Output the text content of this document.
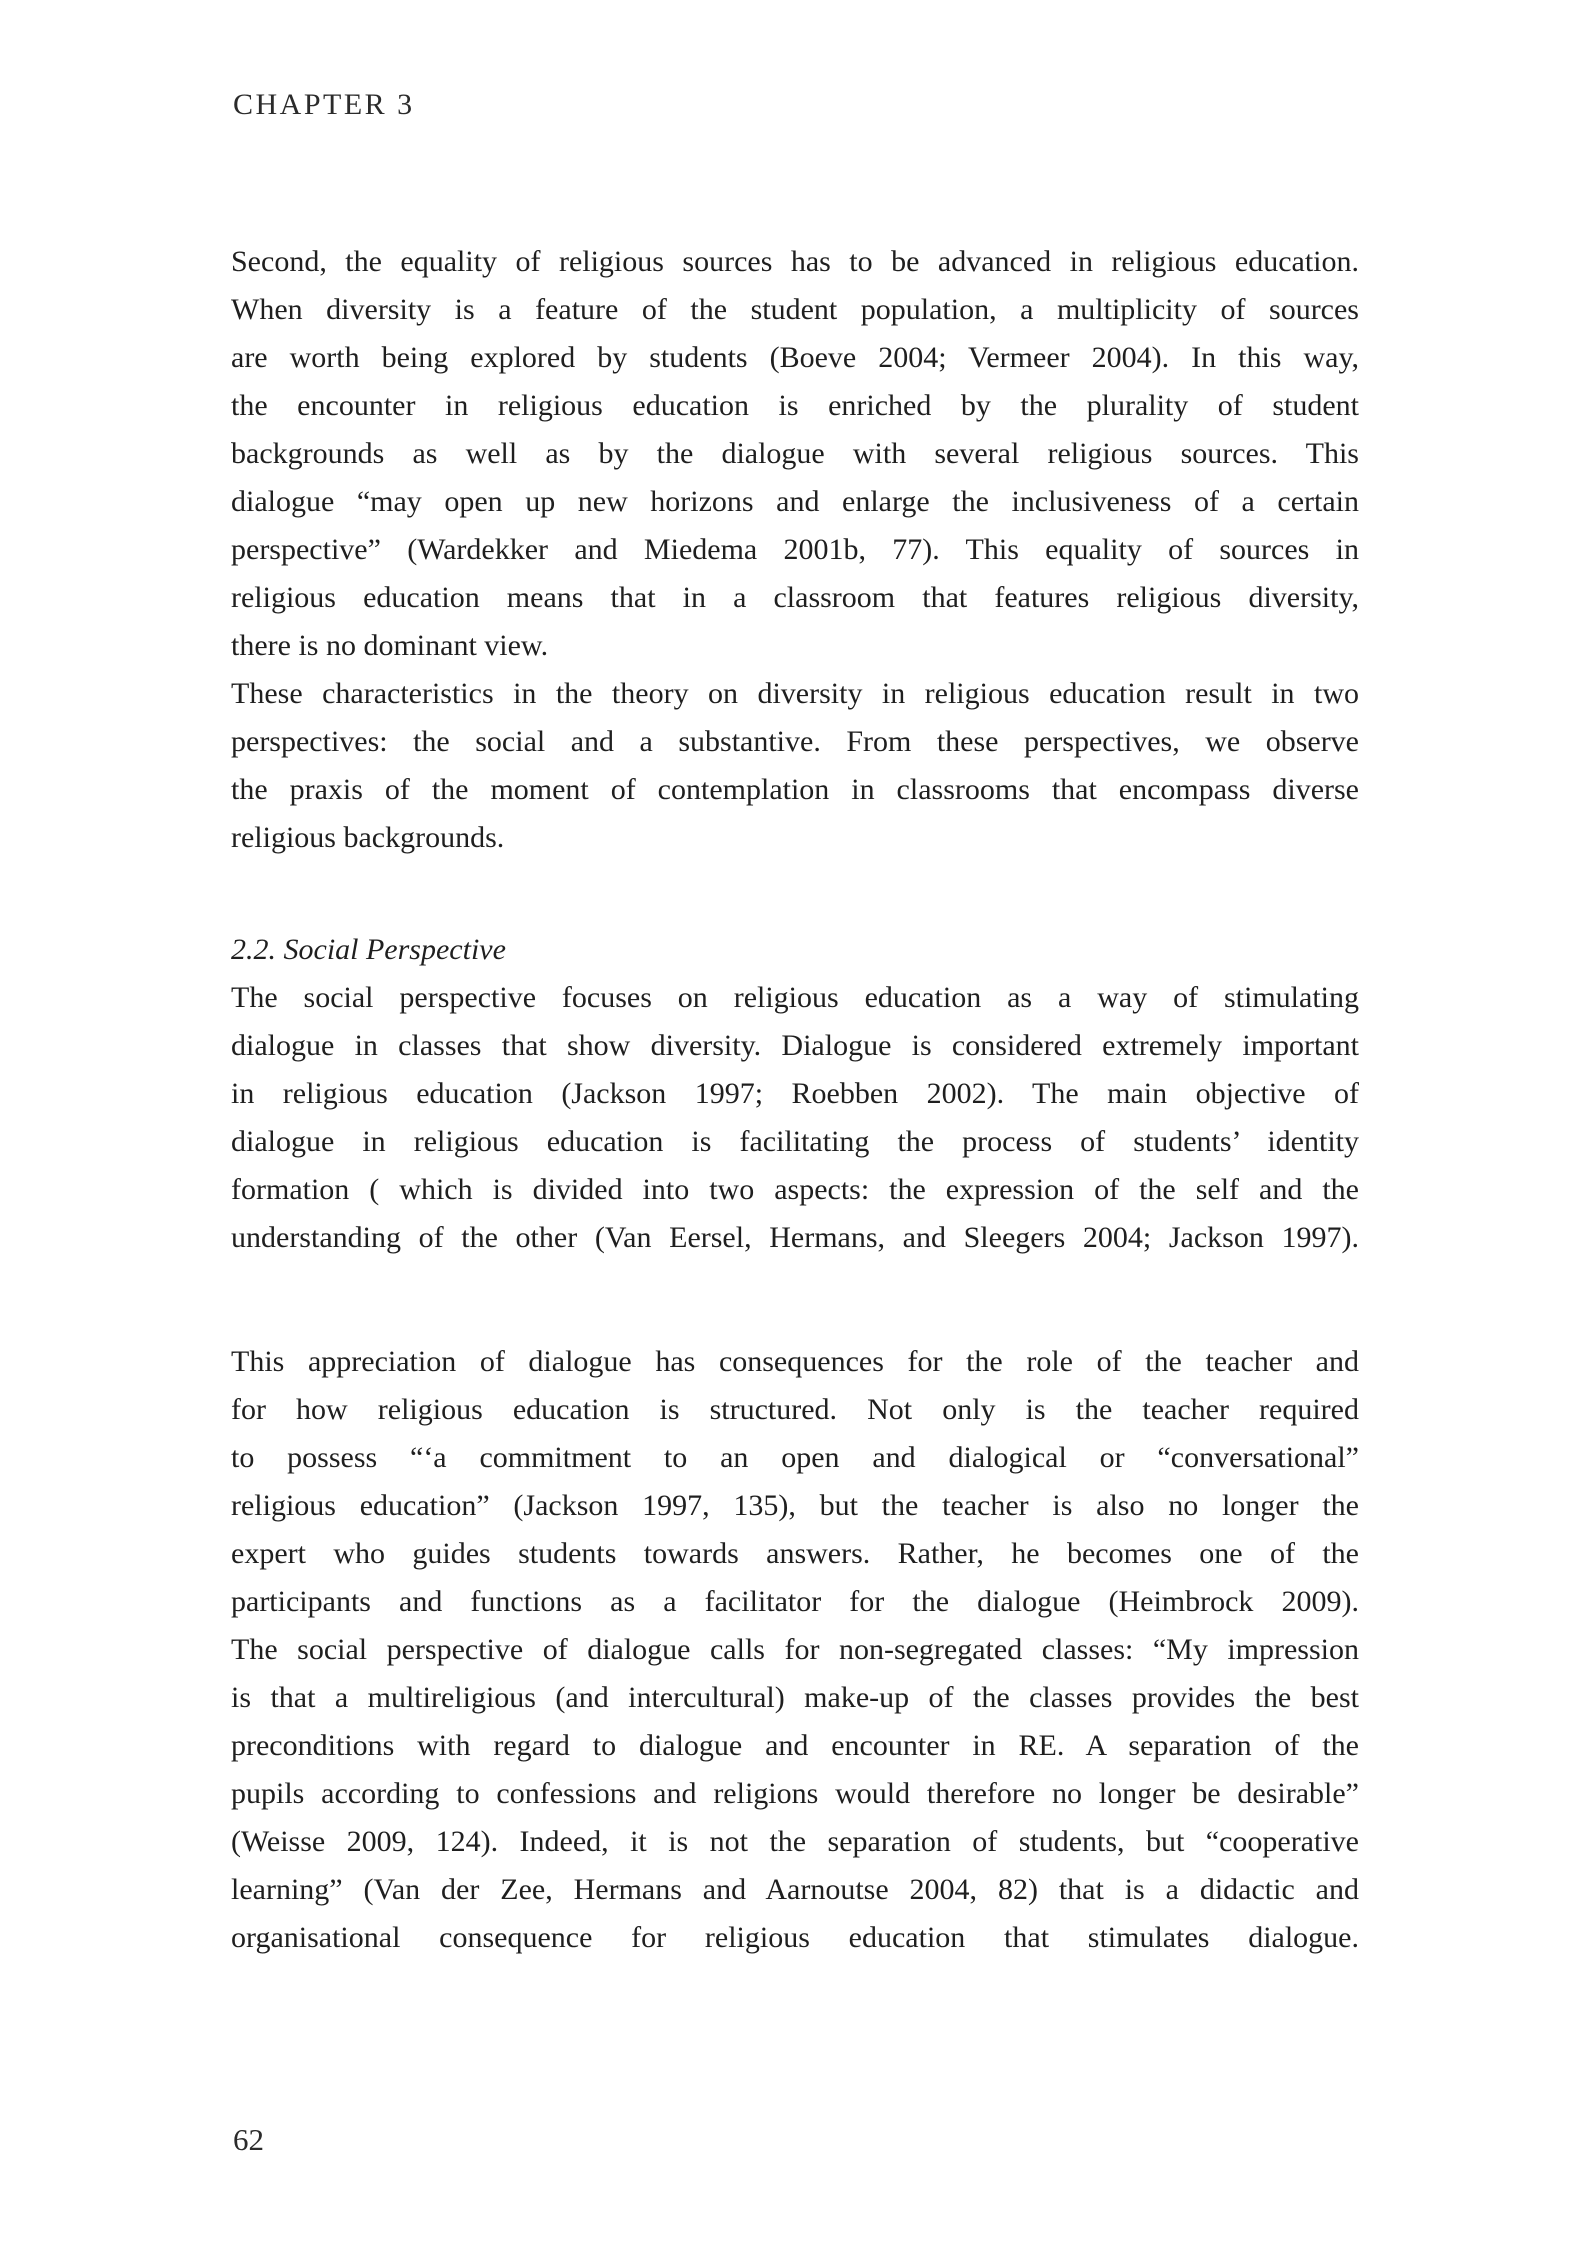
CHAPTER 3
Second, the equality of religious sources has to be advanced in religious education.
When diversity is a feature of the student population, a multiplicity of sources
are worth being explored by students (Boeve 2004; Vermeer 2004). In this way,
the encounter in religious education is enriched by the plurality of student
backgrounds as well as by the dialogue with several religious sources. This
dialogue “may open up new horizons and enlarge the inclusiveness of a certain
perspective” (Wardekker and Miedema 2001b, 77). This equality of sources in
religious education means that in a classroom that features religious diversity,
there is no dominant view.
These characteristics in the theory on diversity in religious education result in two
perspectives: the social and a substantive. From these perspectives, we observe
the praxis of the moment of contemplation in classrooms that encompass diverse
religious backgrounds.
2.2. Social Perspective
The social perspective focuses on religious education as a way of stimulating
dialogue in classes that show diversity. Dialogue is considered extremely important
in religious education (Jackson 1997; Roebben 2002). The main objective of
dialogue in religious education is facilitating the process of students’ identity
formation ( which is divided into two aspects: the expression of the self and the
understanding of the other (Van Eersel, Hermans, and Sleegers 2004; Jackson 1997).
This appreciation of dialogue has consequences for the role of the teacher and
for how religious education is structured. Not only is the teacher required
to possess “‘a commitment to an open and dialogical or “conversational”
religious education” (Jackson 1997, 135), but the teacher is also no longer the
expert who guides students towards answers. Rather, he becomes one of the
participants and functions as a facilitator for the dialogue (Heimbrock 2009).
The social perspective of dialogue calls for non-segregated classes: “My impression
is that a multireligious (and intercultural) make-up of the classes provides the best
preconditions with regard to dialogue and encounter in RE. A separation of the
pupils according to confessions and religions would therefore no longer be desirable”
(Weisse 2009, 124). Indeed, it is not the separation of students, but “cooperative
learning” (Van der Zee, Hermans and Aarnoutse 2004, 82) that is a didactic and
organisational consequence for religious education that stimulates dialogue.
62
